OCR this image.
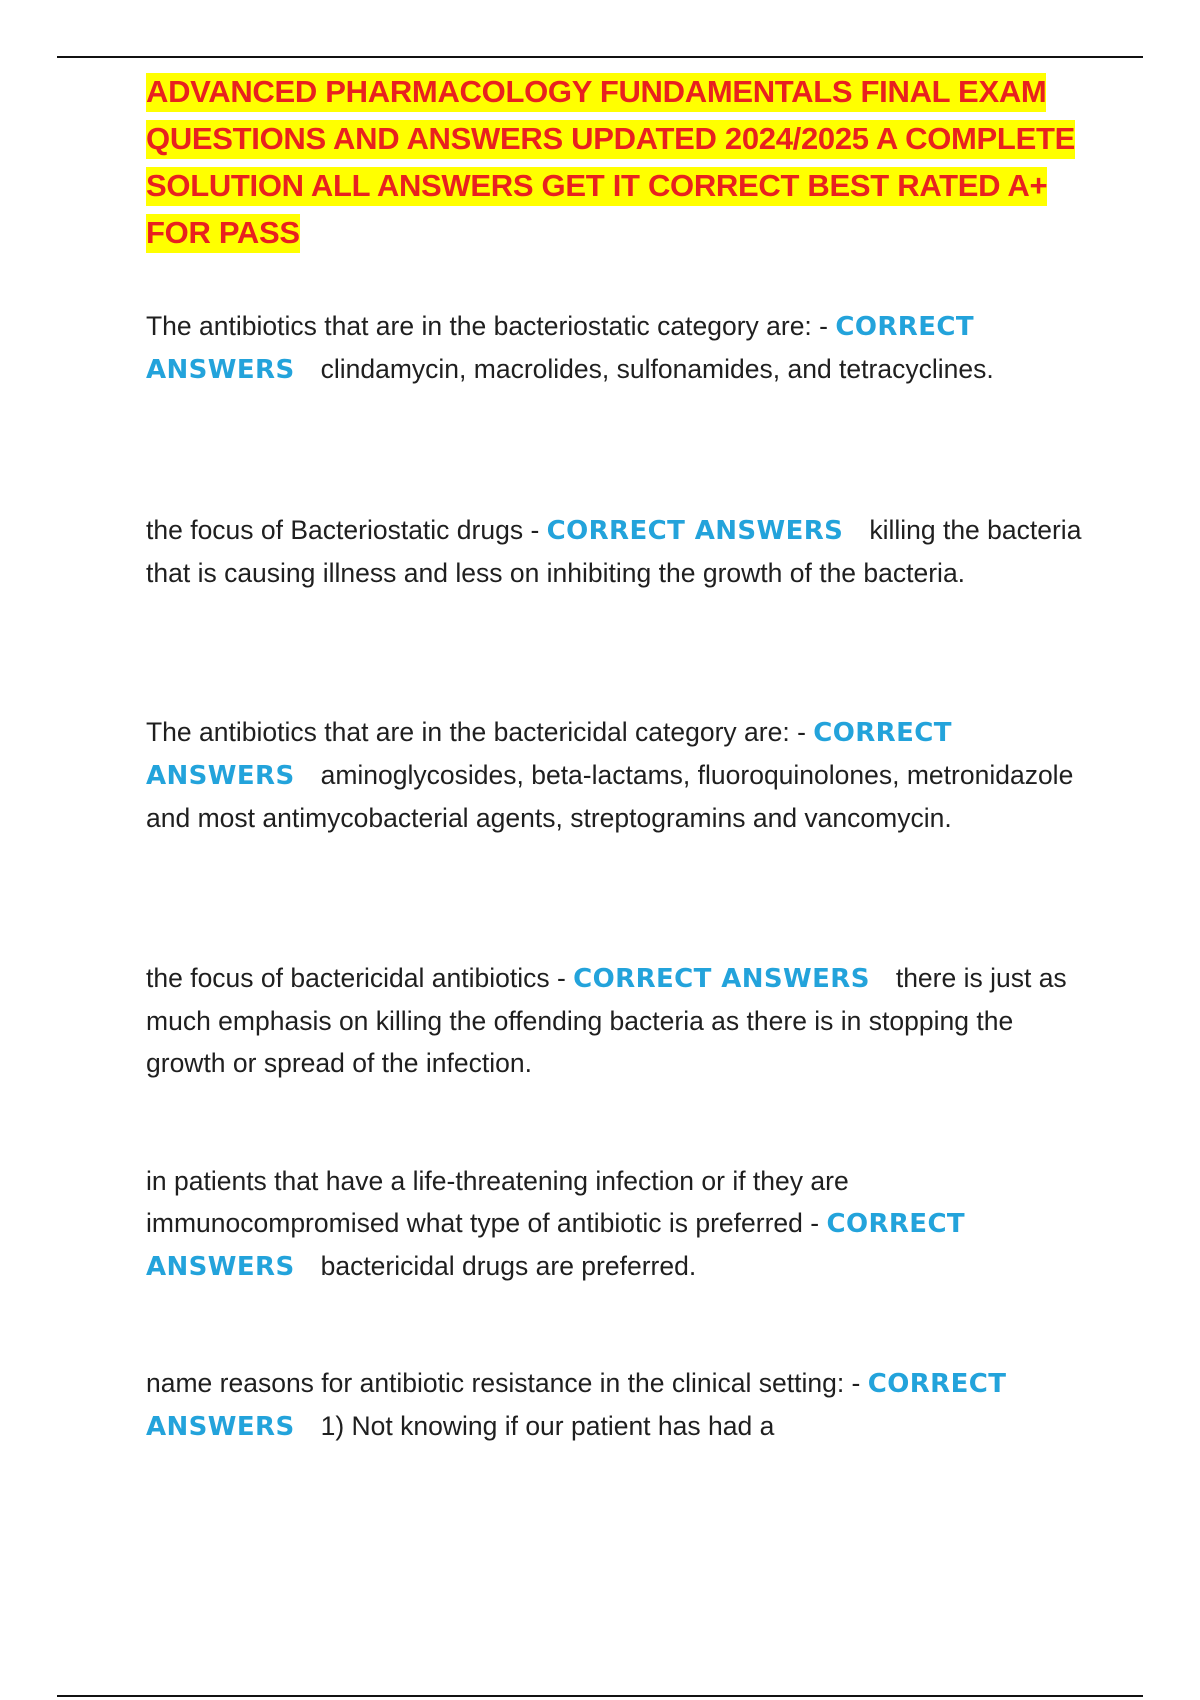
ADVANCED PHARMACOLOGY FUNDAMENTALS FINAL EXAM QUESTIONS AND ANSWERS UPDATED 2024/2025 A COMPLETE SOLUTION ALL ANSWERS GET IT CORRECT BEST RATED A+ FOR PASS

The antibiotics that are in the bacteriostatic category are: - CORRECT ANSWERS clindamycin, macrolides, sulfonamides, and tetracyclines.

the focus of Bacteriostatic drugs - CORRECT ANSWERS killing the bacteria that is causing illness and less on inhibiting the growth of the bacteria.

The antibiotics that are in the bactericidal category are: - CORRECT ANSWERS aminoglycosides, beta-lactams, fluoroquinolones, metronidazole and most antimycobacterial agents, streptogramins and vancomycin.

the focus of bactericidal antibiotics - CORRECT ANSWERS there is just as much emphasis on killing the offending bacteria as there is in stopping the growth or spread of the infection.

in patients that have a life-threatening infection or if they are immunocompromised what type of antibiotic is preferred - CORRECT ANSWERS bactericidal drugs are preferred.

name reasons for antibiotic resistance in the clinical setting: - CORRECT ANSWERS 1) Not knowing if our patient has had a
